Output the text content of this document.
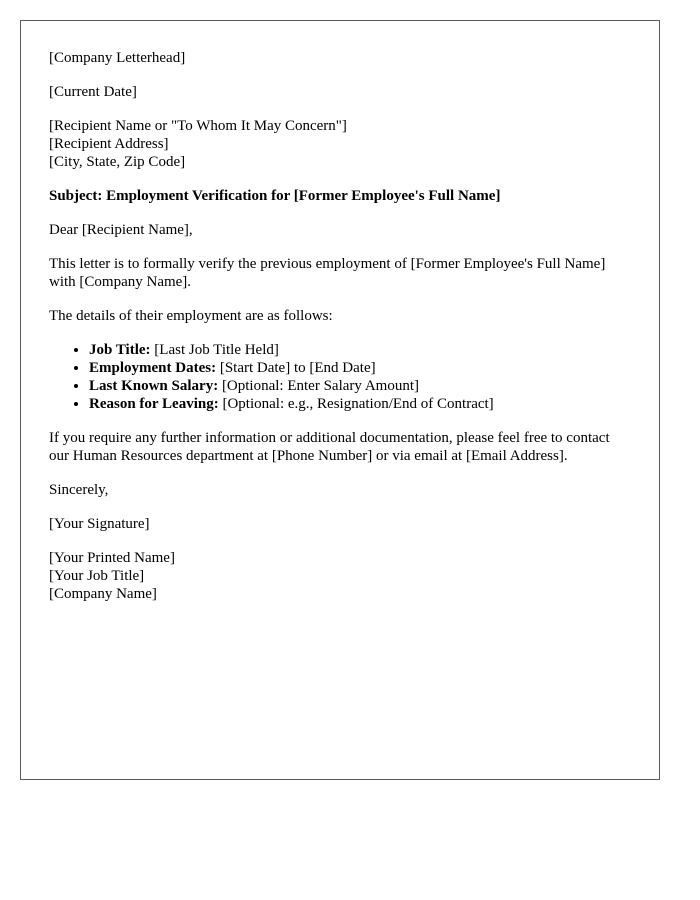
[Company Letterhead]

[Current Date]

[Recipient Name or "To Whom It May Concern"]
[Recipient Address]
[City, State, Zip Code]

Subject: Employment Verification for [Former Employee's Full Name]

Dear [Recipient Name],

This letter is to formally verify the previous employment of [Former Employee's Full Name] with [Company Name].

The details of their employment are as follows:

• Job Title: [Last Job Title Held]
• Employment Dates: [Start Date] to [End Date]
• Last Known Salary: [Optional: Enter Salary Amount]
• Reason for Leaving: [Optional: e.g., Resignation/End of Contract]

If you require any further information or additional documentation, please feel free to contact our Human Resources department at [Phone Number] or via email at [Email Address].

Sincerely,

[Your Signature]

[Your Printed Name]
[Your Job Title]
[Company Name]
